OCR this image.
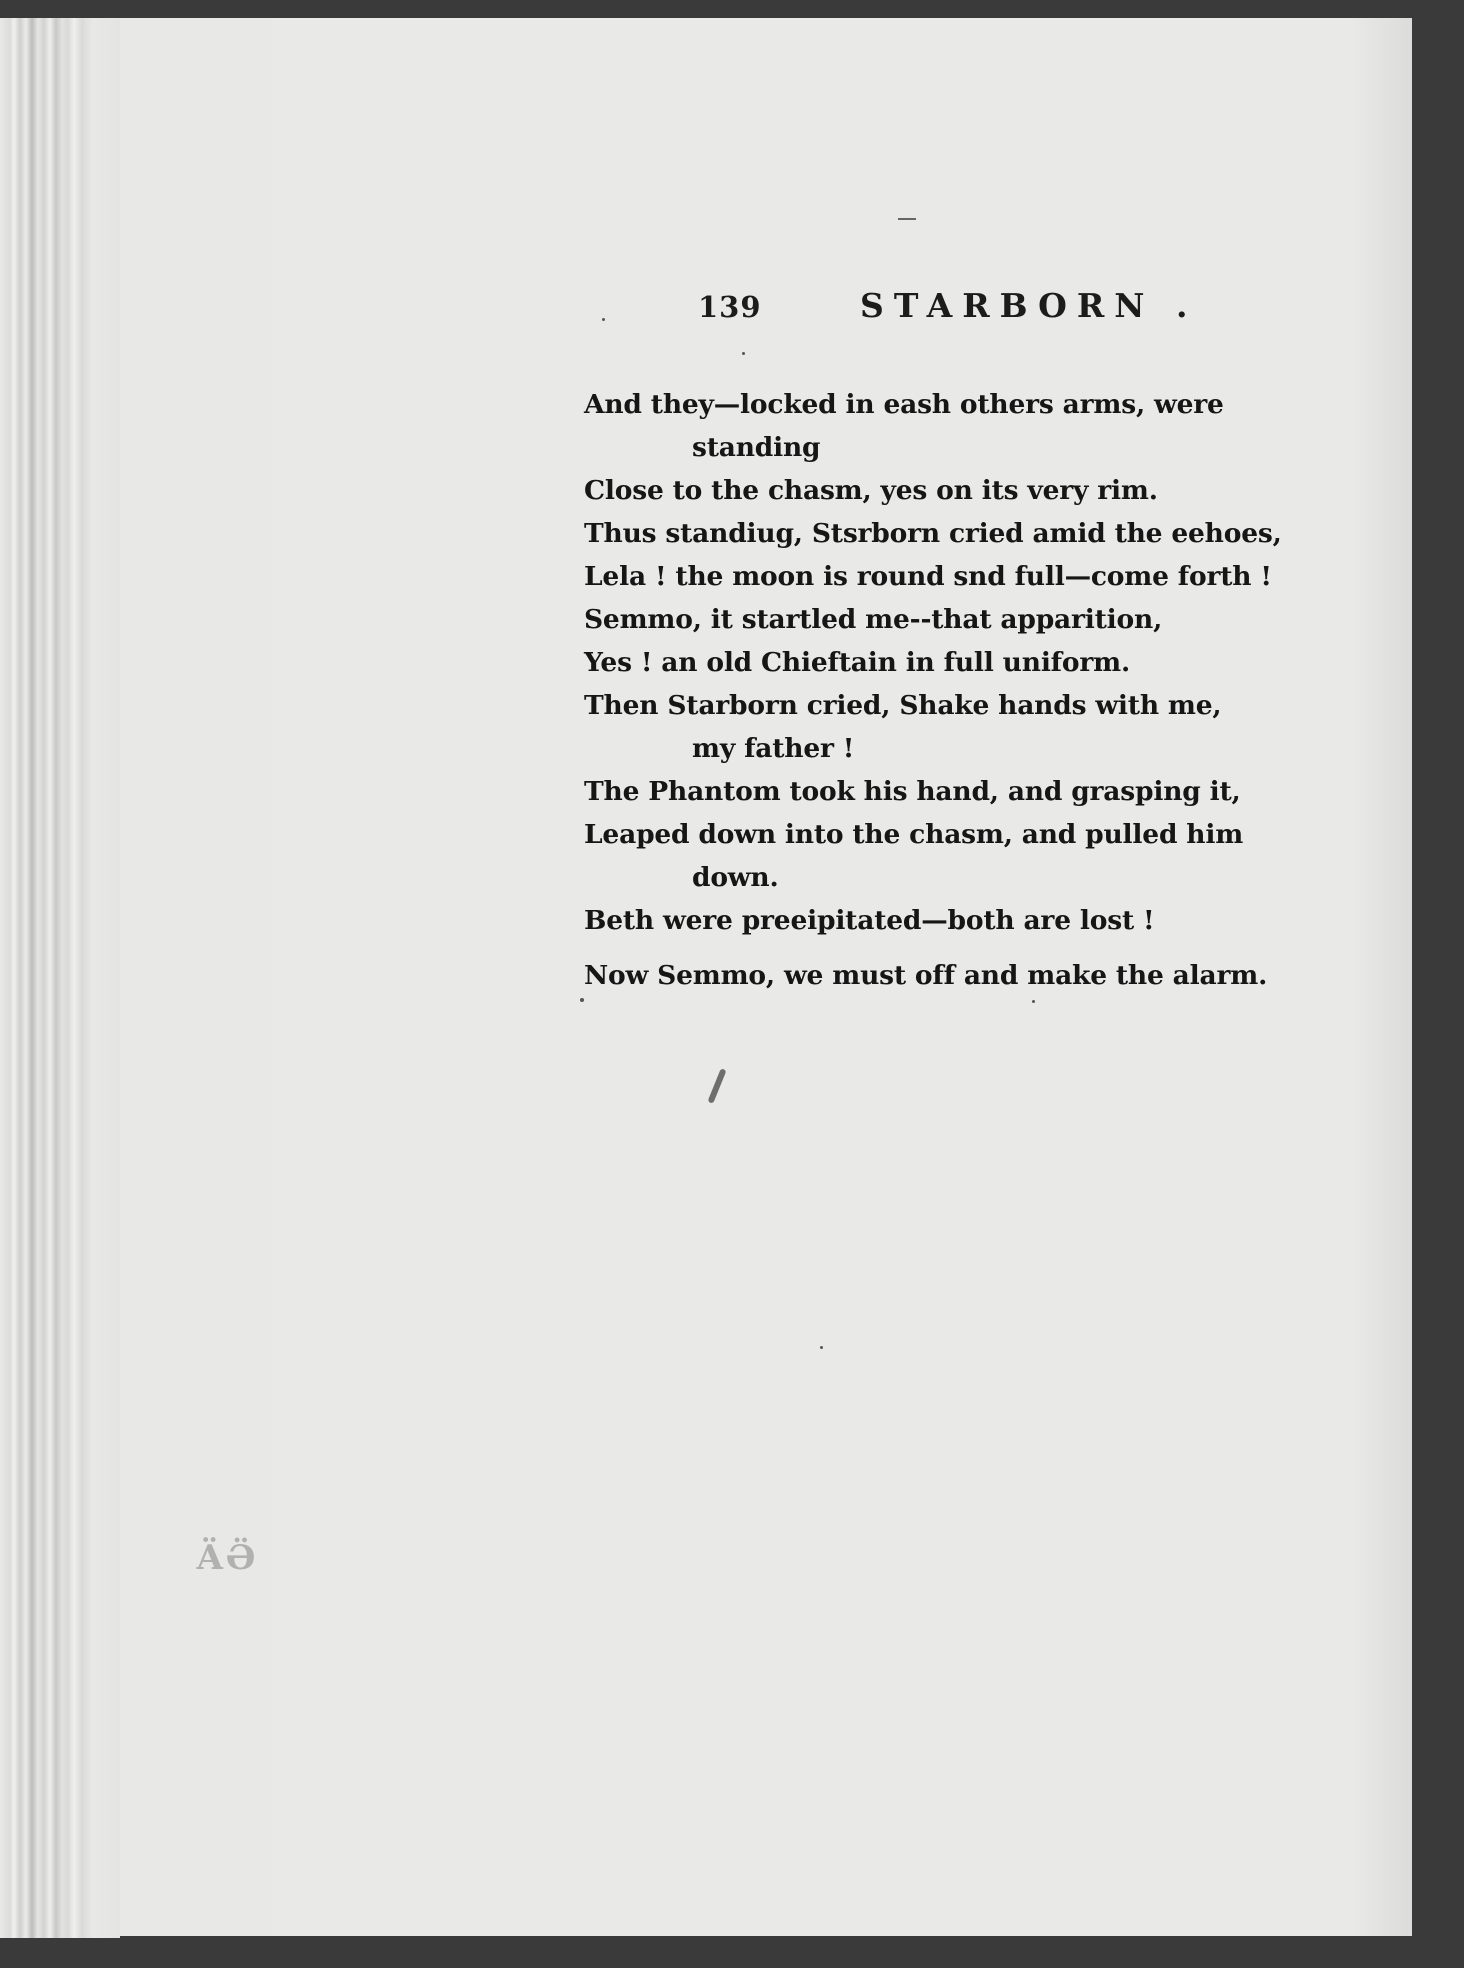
ӒӚ
139	STARBORN .
And they—locked in eash others arms, were
standing
Close to the chasm, yes on its very rim.
Thus standiug, Stsrborn cried amid the eehoes,
Lela ! the moon is round snd full—come forth !
Semmo, it startled me--that apparition,
Yes ! an old Chieftain in full uniform.
Then Starborn cried, Shake hands with me,
my father !
The Phantom took his hand, and grasping it,
Leaped down into the chasm, and pulled him
down.
Beth were preeipitated—both are lost !
Now Semmo, we must off and make the alarm.
